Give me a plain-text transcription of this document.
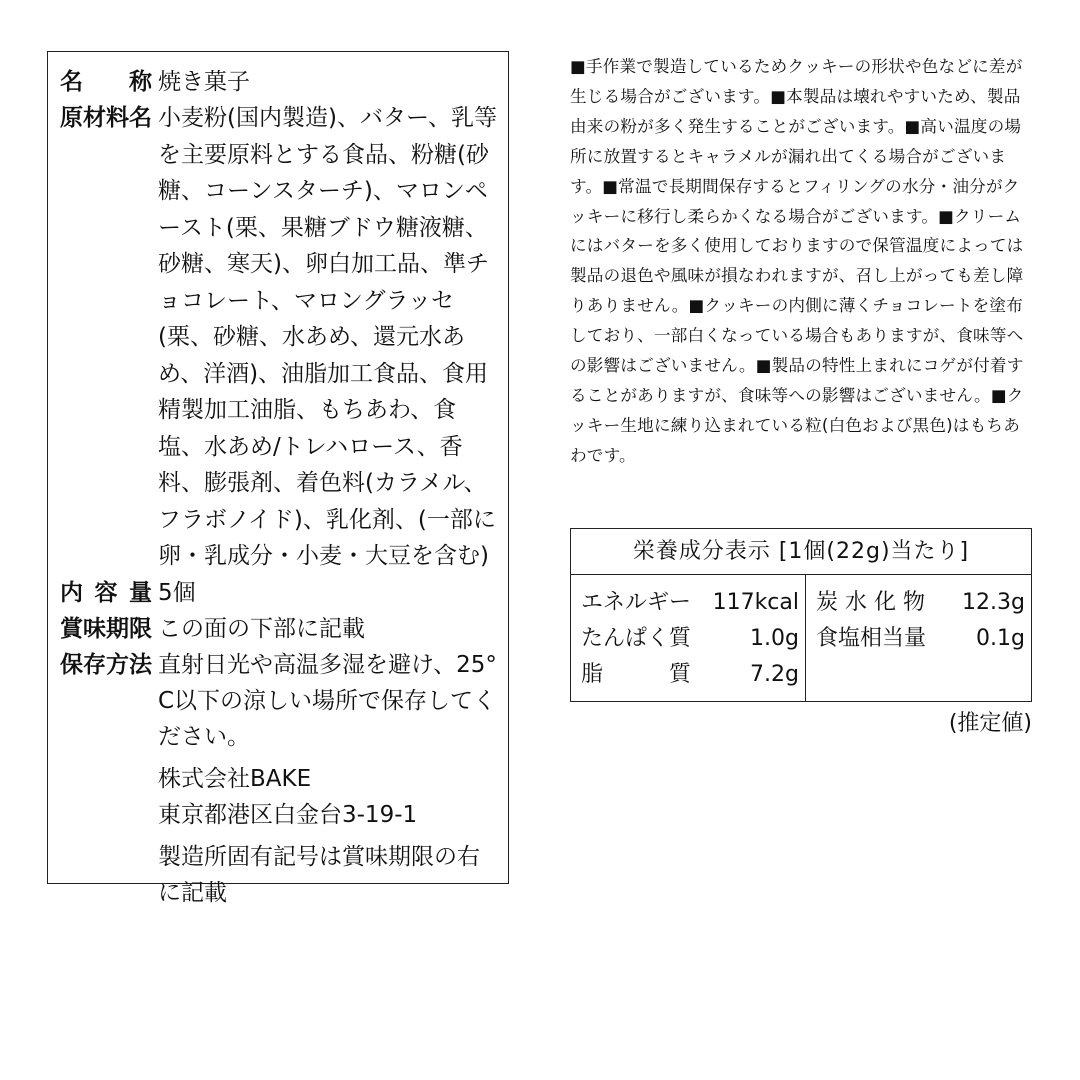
名 称 焼き菓子
原材料名 小麦粉(国内製造)、バター、乳等を主要原料とする食品、粉糖(砂糖、コーンスターチ)、マロンペースト(栗、果糖ブドウ糖液糖、砂糖、寒天)、卵白加工品、準チョコレート、マロングラッセ(栗、砂糖、水あめ、還元水あめ、洋酒)、油脂加工食品、食用精製加工油脂、もちあわ、食塩、水あめ/トレハロース、香料、膨張剤、着色料(カラメル、フラボノイド)、乳化剤、(一部に卵・乳成分・小麦・大豆を含む)
内 容 量 5個
賞味期限 この面の下部に記載
保存方法 直射日光や高温多湿を避け、25°C以下の涼しい場所で保存してください。
株式会社BAKE
東京都港区白金台3-19-1
製造所固有記号は賞味期限の右に記載
■手作業で製造しているためクッキーの形状や色などに差が生じる場合がございます。■本製品は壊れやすいため、製品由来の粉が多く発生することがございます。■高い温度の場所に放置するとキャラメルが漏れ出てくる場合がございます。■常温で長期間保存するとフィリングの水分・油分がクッキーに移行し柔らかくなる場合がございます。■クリームにはバターを多く使用しておりますので保管温度によっては製品の退色や風味が損なわれますが、召し上がっても差し障りありません。■クッキーの内側に薄くチョコレートを塗布しており、一部白くなっている場合もありますが、食味等への影響はございません。■製品の特性上まれにコゲが付着することがありますが、食味等への影響はございません。■クッキー生地に練り込まれている粒(白色および黒色)はもちあわです。
栄養成分表示 [1個(22g)当たり]
エネルギー 117kcal
たんぱく質	1.0g
脂　　　質	7.2g
炭 水 化 物 12.3g
食塩相当量 0.1g
(推定値)
